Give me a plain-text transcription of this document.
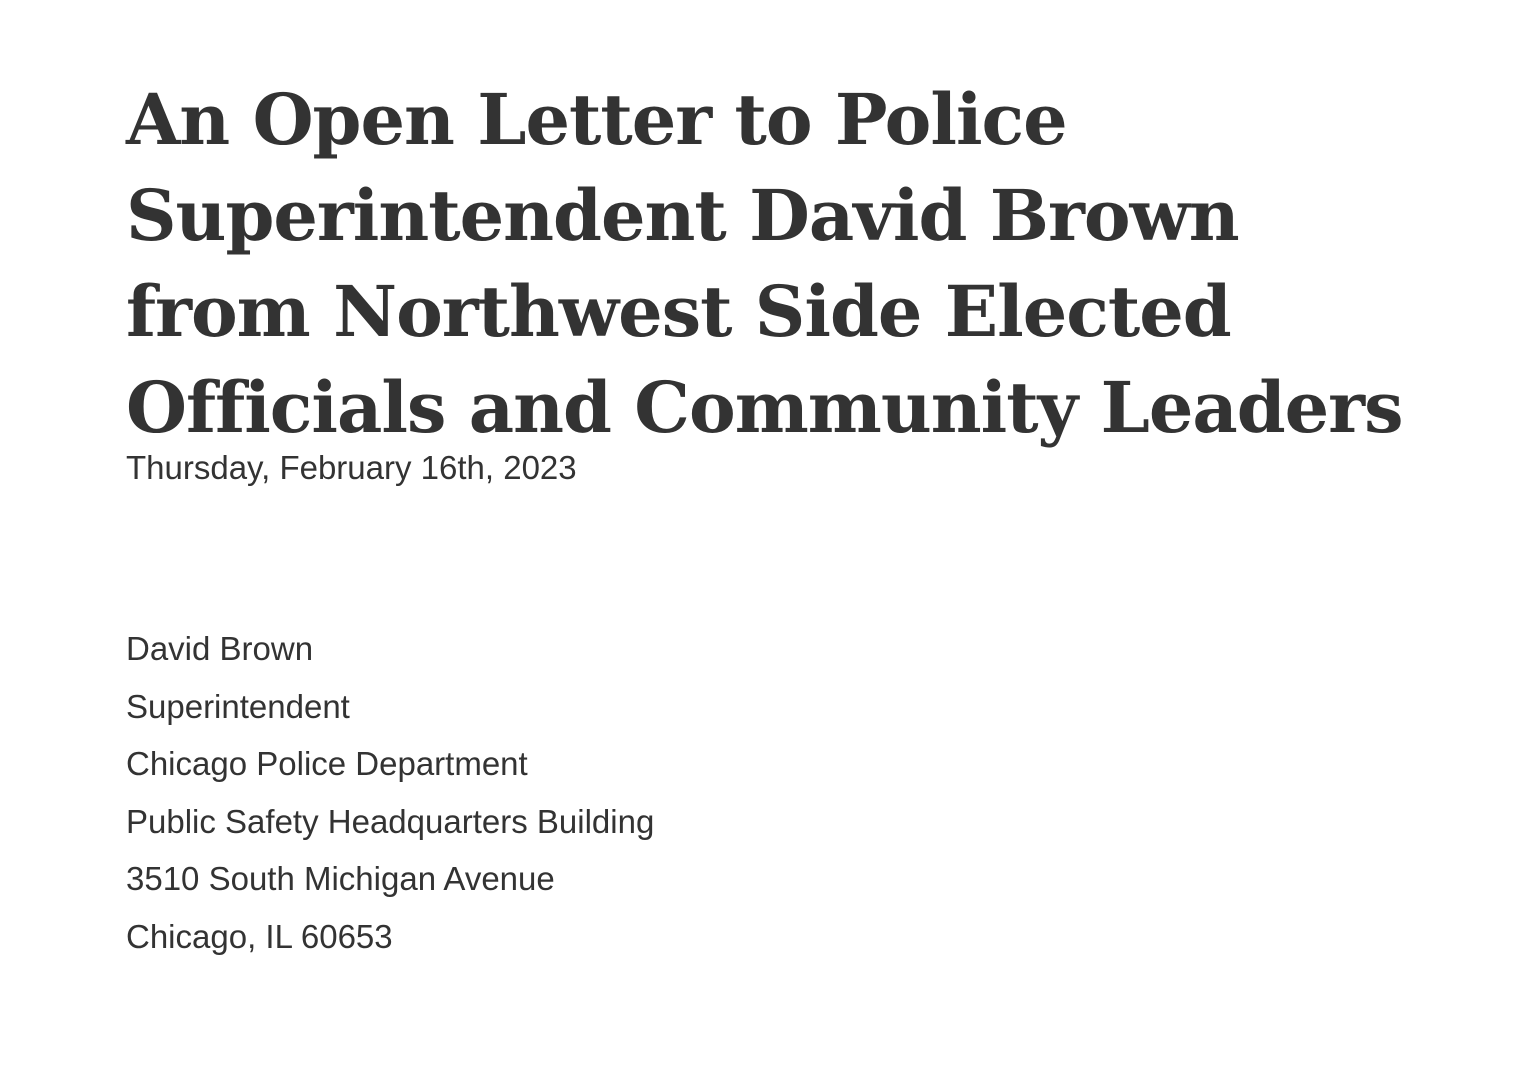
An Open Letter to Police
Superintendent David Brown
from Northwest Side Elected
Officials and Community Leaders

Thursday, February 16th, 2023

David Brown
Superintendent
Chicago Police Department
Public Safety Headquarters Building
3510 South Michigan Avenue
Chicago, IL 60653
